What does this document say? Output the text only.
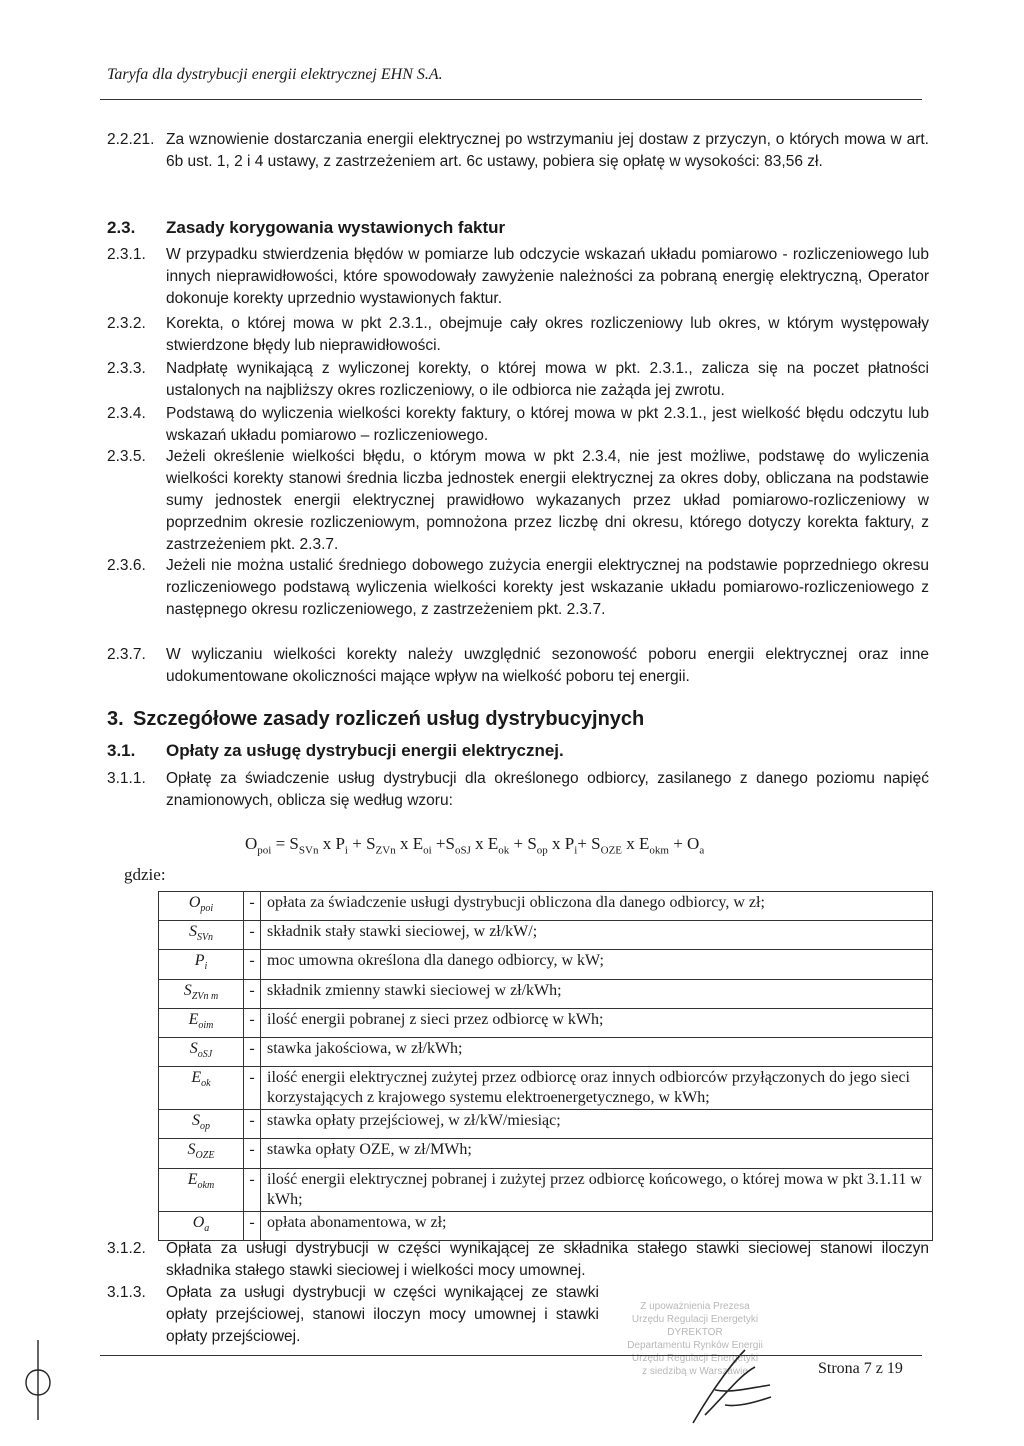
Taryfa dla dystrybucji energii elektrycznej EHN S.A.
2.2.21. Za wznowienie dostarczania energii elektrycznej po wstrzymaniu jej dostaw z przyczyn, o których mowa w art. 6b ust. 1, 2 i 4 ustawy, z zastrzeżeniem art. 6c ustawy, pobiera się opłatę w wysokości: 83,56 zł.
2.3. Zasady korygowania wystawionych faktur
2.3.1. W przypadku stwierdzenia błędów w pomiarze lub odczycie wskazań układu pomiarowo - rozliczeniowego lub innych nieprawidłowości, które spowodowały zawyżenie należności za pobraną energię elektryczną, Operator dokonuje korekty uprzednio wystawionych faktur.
2.3.2. Korekta, o której mowa w pkt 2.3.1., obejmuje cały okres rozliczeniowy lub okres, w którym występowały stwierdzone błędy lub nieprawidłowości.
2.3.3. Nadpłatę wynikającą z wyliczonej korekty, o której mowa w pkt. 2.3.1., zalicza się na poczet płatności ustalonych na najbliższy okres rozliczeniowy, o ile odbiorca nie zażąda jej zwrotu.
2.3.4. Podstawą do wyliczenia wielkości korekty faktury, o której mowa w pkt 2.3.1., jest wielkość błędu odczytu lub wskazań układu pomiarowo – rozliczeniowego.
2.3.5. Jeżeli określenie wielkości błędu, o którym mowa w pkt 2.3.4, nie jest możliwe, podstawę do wyliczenia wielkości korekty stanowi średnia liczba jednostek energii elektrycznej za okres doby, obliczana na podstawie sumy jednostek energii elektrycznej prawidłowo wykazanych przez układ pomiarowo-rozliczeniowy w poprzednim okresie rozliczeniowym, pomnożona przez liczbę dni okresu, którego dotyczy korekta faktury, z zastrzeżeniem pkt. 2.3.7.
2.3.6. Jeżeli nie można ustalić średniego dobowego zużycia energii elektrycznej na podstawie poprzedniego okresu rozliczeniowego podstawą wyliczenia wielkości korekty jest wskazanie układu pomiarowo-rozliczeniowego z następnego okresu rozliczeniowego, z zastrzeżeniem pkt. 2.3.7.
2.3.7. W wyliczaniu wielkości korekty należy uwzględnić sezonowość poboru energii elektrycznej oraz inne udokumentowane okoliczności mające wpływ na wielkość poboru tej energii.
3. Szczegółowe zasady rozliczeń usług dystrybucyjnych
3.1. Opłaty za usługę dystrybucji energii elektrycznej.
3.1.1. Opłatę za świadczenie usług dystrybucji dla określonego odbiorcy, zasilanego z danego poziomu napięć znamionowych, oblicza się według wzoru:
$O_{poi} = S_{SVn}$ x $P_i + S_{ZVn}$ x $E_{oi} +S_{oSJ}$ x $E_{ok} + S_{op}$ x $P_i+ S_{OZE}$ x $E_{okm} + O_a$
gdzie:
$O_{poi}$	-	opłata za świadczenie usługi dystrybucji obliczona dla danego odbiorcy, w zł;
$S_{SVn}$	-	składnik stały stawki sieciowej, w zł/kW/;
$P_i$	-	moc umowna określona dla danego odbiorcy, w kW;
$S_{ZVn m}$	-	składnik zmienny stawki sieciowej w zł/kWh;
$E_{oim}$	-	ilość energii pobranej z sieci przez odbiorcę w kWh;
$S_{oSJ}$	-	stawka jakościowa, w zł/kWh;
$E_{ok}$	-	ilość energii elektrycznej zużytej przez odbiorcę oraz innych odbiorców przyłączonych do jego sieci korzystających z krajowego systemu elektroenergetycznego, w kWh;
$S_{op}$	-	stawka opłaty przejściowej, w zł/kW/miesiąc;
$S_{OZE}$	-	stawka opłaty OZE, w zł/MWh;
$E_{okm}$	-	ilość energii elektrycznej pobranej i zużytej przez odbiorcę końcowego, o której mowa w pkt 3.1.11 w kWh;
$O_a$	-	opłata abonamentowa, w zł;
3.1.2. Opłata za usługi dystrybucji w części wynikającej ze składnika stałego stawki sieciowej stanowi iloczyn składnika stałego stawki sieciowej i wielkości mocy umownej.
3.1.3. Opłata za usługi dystrybucji w części wynikającej ze stawki opłaty przejściowej, stanowi iloczyn mocy umownej i stawki opłaty przejściowej.
Z upoważnienia Prezesa
Urzędu Regulacji Energetyki
DYREKTOR
Departamentu Rynków Energii
Urzędu Regulacji Energetyki
z siedzibą w Warszawie	Strona 7 z 19
